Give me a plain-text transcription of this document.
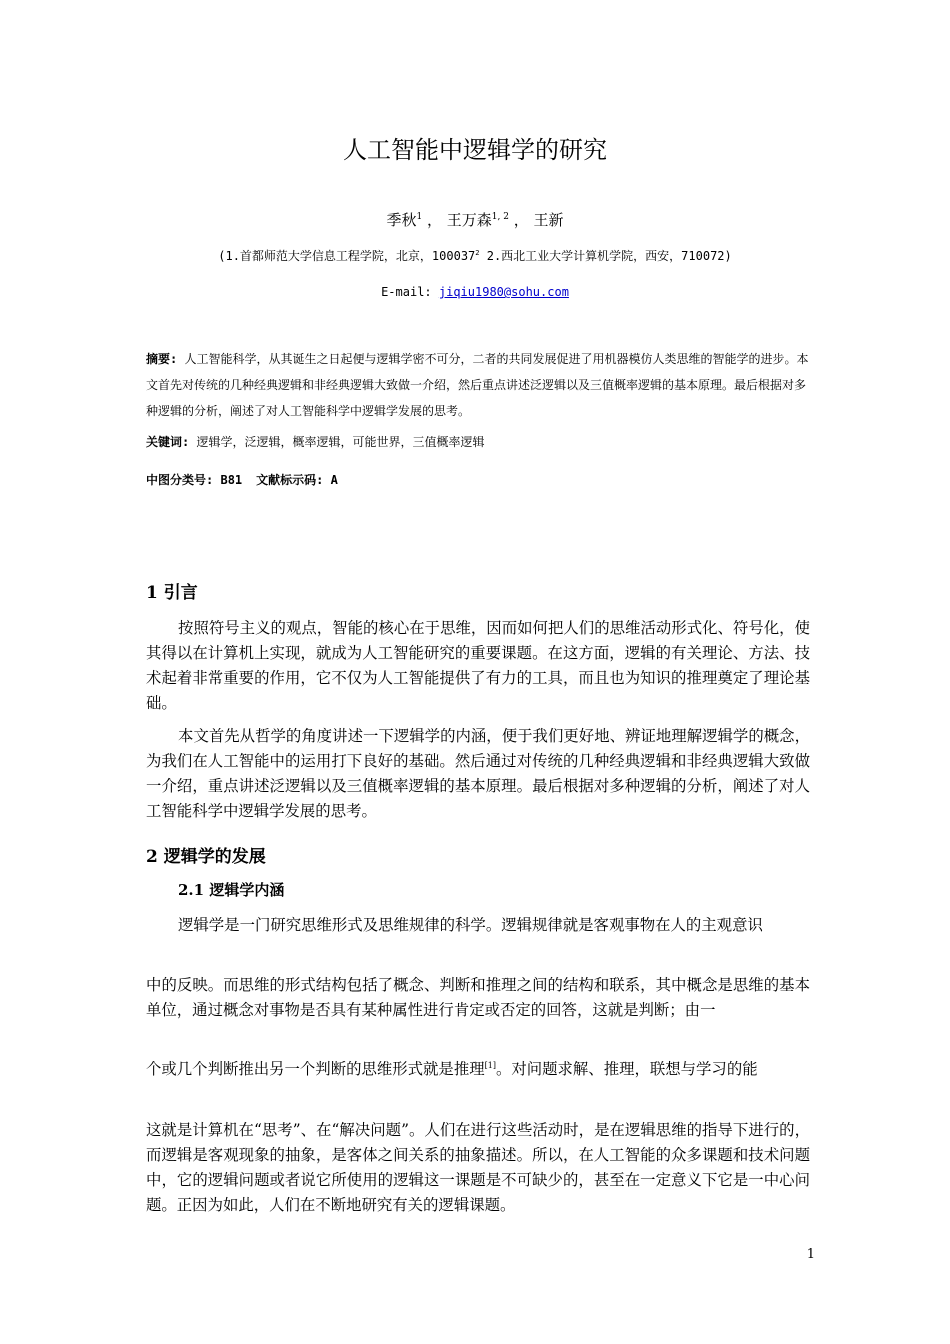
人工智能中逻辑学的研究
季秋$^1$ ， 王万森$^{1, 2}$ ， 王新
(1.首都师范大学信息工程学院，北京，100037$^2$ 2.西北工业大学计算机学院，西安，710072)
E-mail: jiqiu1980@sohu.com
摘要: 人工智能科学，从其诞生之日起便与逻辑学密不可分，二者的共同发展促进了用机器模仿人类思维的智能学的进步。本文首先对传统的几种经典逻辑和非经典逻辑大致做一介绍，然后重点讲述泛逻辑以及三值概率逻辑的基本原理。最后根据对多种逻辑的分析，阐述了对人工智能科学中逻辑学发展的思考。
关键词: 逻辑学，泛逻辑，概率逻辑，可能世界，三值概率逻辑
中图分类号: B81 文献标示码: A
1 引言
按照符号主义的观点，智能的核心在于思维，因而如何把人们的思维活动形式化、符号化，使其得以在计算机上实现，就成为人工智能研究的重要课题。在这方面，逻辑的有关理论、方法、技术起着非常重要的作用，它不仅为人工智能提供了有力的工具，而且也为知识的推理奠定了理论基础。
本文首先从哲学的角度讲述一下逻辑学的内涵，便于我们更好地、辨证地理解逻辑学的概念，为我们在人工智能中的运用打下良好的基础。然后通过对传统的几种经典逻辑和非经典逻辑大致做一介绍，重点讲述泛逻辑以及三值概率逻辑的基本原理。最后根据对多种逻辑的分析，阐述了对人工智能科学中逻辑学发展的思考。
2 逻辑学的发展
2.1 逻辑学内涵
逻辑学是一门研究思维形式及思维规律的科学。逻辑规律就是客观事物在人的主观意识
中的反映。而思维的形式结构包括了概念、判断和推理之间的结构和联系，其中概念是思维的基本单位，通过概念对事物是否具有某种属性进行肯定或否定的回答，这就是判断；由一
个或几个判断推出另一个判断的思维形式就是推理[1]。对问题求解、推理，联想与学习的能
这就是计算机在“思考”、在“解决问题”。人们在进行这些活动时，是在逻辑思维的指导下进行的，而逻辑是客观现象的抽象，是客体之间关系的抽象描述。所以，在人工智能的众多课题和技术问题中，它的逻辑问题或者说它所使用的逻辑这一课题是不可缺少的，甚至在一定意义下它是一中心问题。正因为如此，人们在不断地研究有关的逻辑课题。
1
